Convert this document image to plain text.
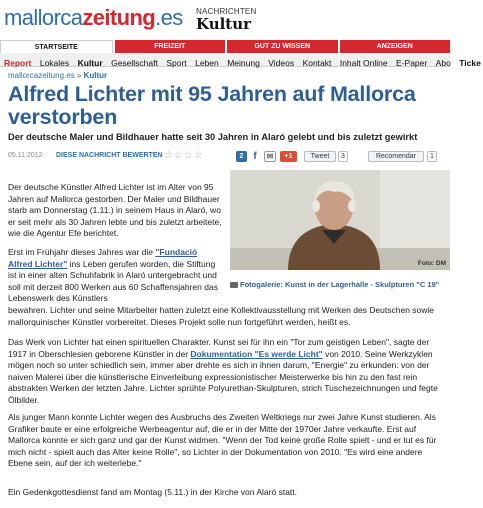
mallorcazeitung.es NACHRICHTEN
Kultur
STARTSEITE	FREIZEIT	GUT ZU WISSEN	ANZEIGEN
Report Lokales Kultur Gesellschaft Sport Leben Meinung Videos Kontakt Inhalt Online E-Paper Abo Ticke
mallorcazeitung.es » Kultur
Alfred Lichter mit 95 Jahren auf Mallorca verstorben
Der deutsche Maler und Bildhauer hatte seit 30 Jahren in Alaró gelebt und bis zuletzt gewirkt
05.11.2012 DIESE NACHRICHT BEWERTEN
☆☆☆☆☆	2 f	✉	+1	Tweet	3	Recomendar	1
Foto: DM
Fotogalerie: Kunst in der Lagerhalle - Skulpturen "C 19"

Der deutsche Künstler Alfred Lichter ist im Alter von 95 Jahren auf Mallorca gestorben. Der Maler und Bildhauer starb am Donnerstag (1.11.) in seinem Haus in Alaró, wo er seit mehr als 30 Jahren lebte und bis zuletzt arbeitete, wie die Agentur Efe berichtet.

Erst im Frühjahr dieses Jahres war die "Fundació Alfred Lichter" ins Leben gerufen worden, die Stiftung ist in einer alten Schuhfabrik in Alaró untergebracht und soll mit derzeit 800 Werken aus 60 Schaffensjahren das Lebenswerk des Künstlers
bewahren. Lichter und seine Mitarbeiter hatten zuletzt eine Kollektivausstellung mit Werken des Deutschen sowie mallorquinischer Künstler vorbereitet. Dieses Projekt solle nun fortgeführt werden, heißt es.

Das Werk von Lichter hat einen spirituellen Charakter. Kunst sei für ihn ein "Tor zum geistigen Leben", sagte der 1917 in Oberschlesien geborene Künstler in der Dokumentation "Es werde Licht" von 2010. Seine Werkzyklen mögen noch so unter schiedlich sein, immer aber drehte es sich in ihnen darum, "Energie" zu erkunden: von der naiven Malerei über die künstlerische Einverleibung expressionistischer Meisterwerke bis hin zu den fast rein abstrakten Werken der letzten Jahre. Lichter sprühte Polyurethan-Skulpturen, strich Tuschezeichnungen und fegte Ölbilder.

Als junger Mann konnte Lichter wegen des Ausbruchs des Zweiten Weltkriegs nur zwei Jahre Kunst studieren. Als Grafiker baute er eine erfolgreiche Werbeagentur auf, die er in der Mitte der 1970er Jahre verkaufte. Erst auf Mallorca konnte er sich ganz und gar der Kunst widmen. "Wenn der Tod keine große Rolle spielt - und er tut es für mich nicht - spielt auch das Alter keine Rolle", so Lichter in der Dokumentation von 2010. "Es wird eine andere Ebene sein, auf der ich weiterlebe."

Ein Gedenkgottesdienst fand am Montag (5.11.) in der Kirche von Alaró statt.
